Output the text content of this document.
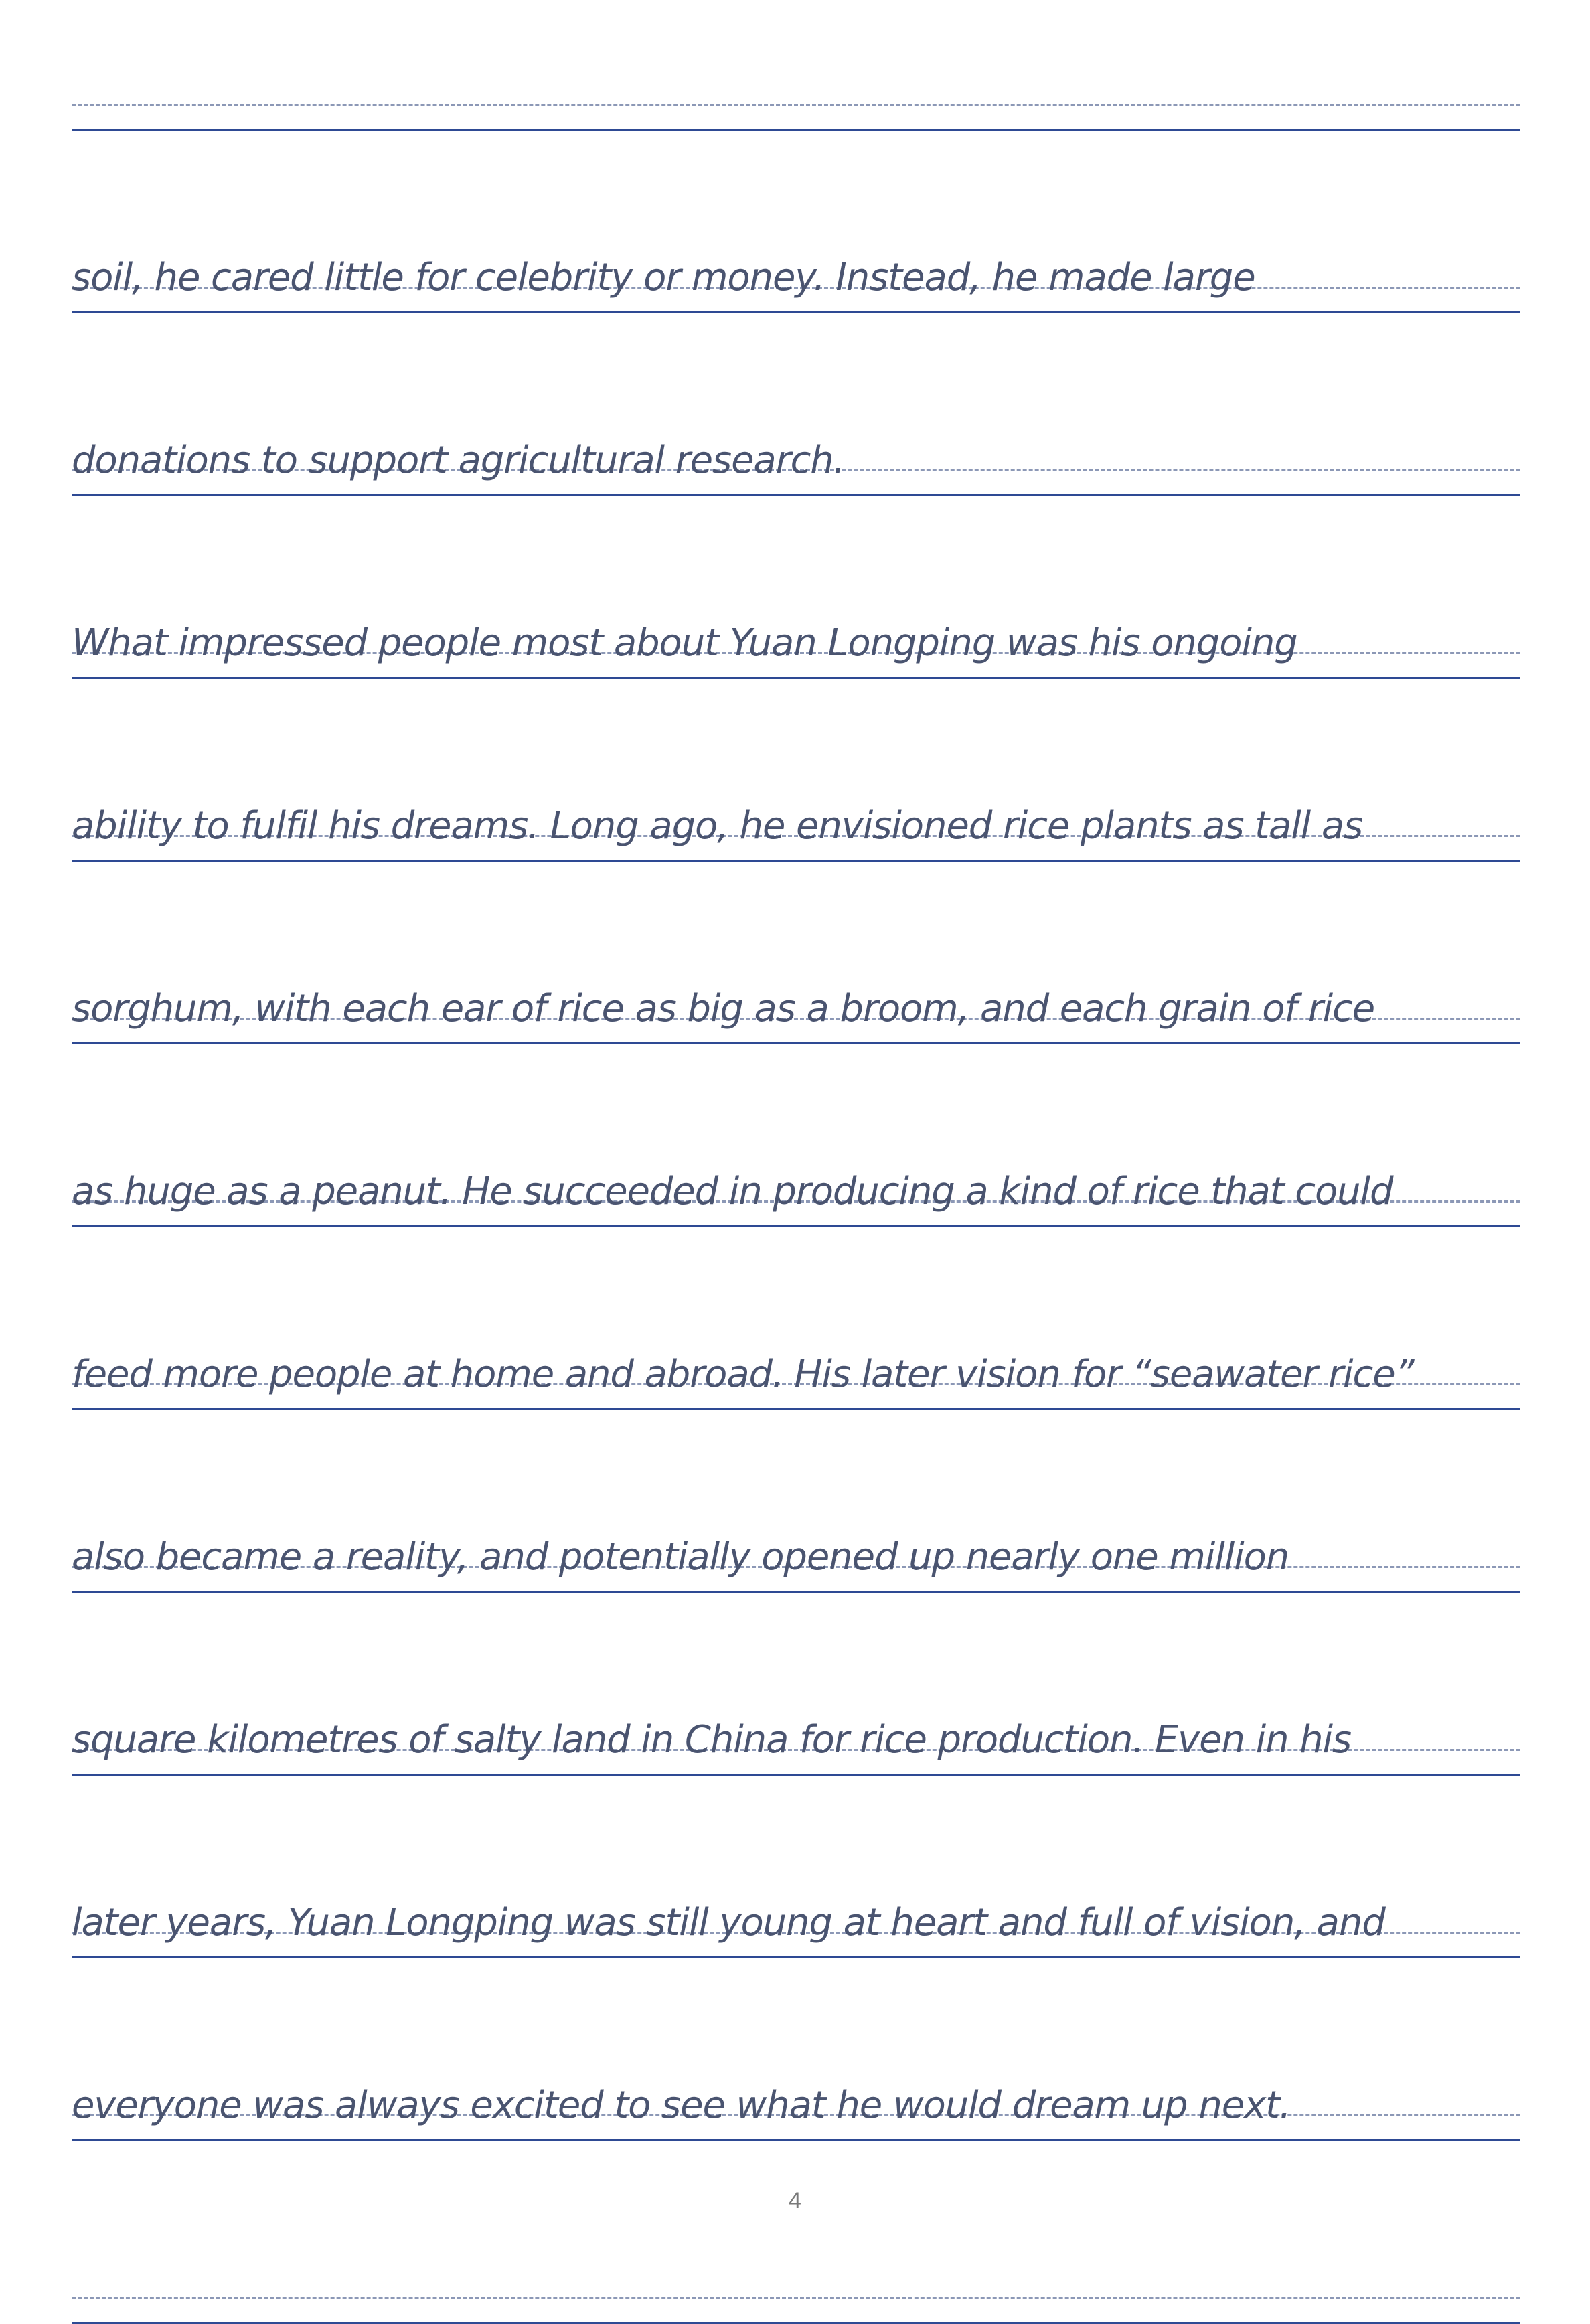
soil, he cared little for celebrity or money. Instead, he made large
donations to support agricultural research.
What impressed people most about Yuan Longping was his ongoing
ability to fulfil his dreams. Long ago, he envisioned rice plants as tall as
sorghum, with each ear of rice as big as a broom, and each grain of rice
as huge as a peanut. He succeeded in producing a kind of rice that could
feed more people at home and abroad. His later vision for “seawater rice”
also became a reality, and potentially opened up nearly one million
square kilometres of salty land in China for rice production. Even in his
later years, Yuan Longping was still young at heart and full of vision, and
everyone was always excited to see what he would dream up next.
4
